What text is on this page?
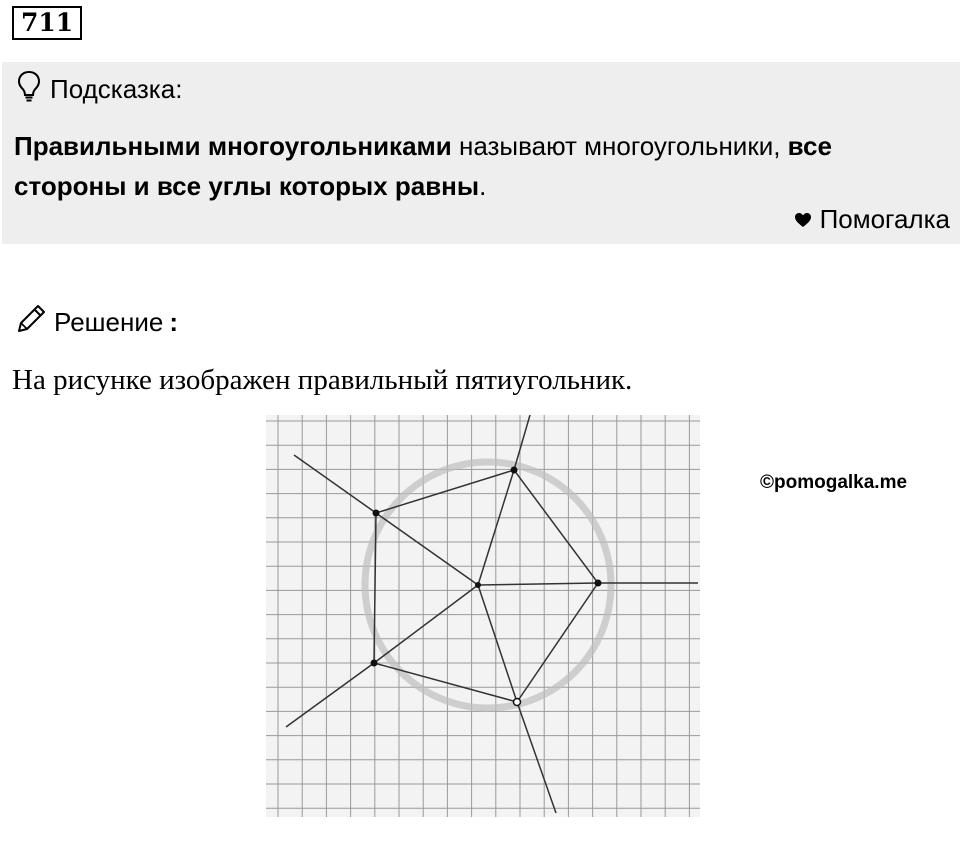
711
Подсказка:
Правильными многоугольниками называют многоугольники, все стороны и все углы которых равны.
Помогалка
Решение :
На рисунке изображен правильный пятиугольник.
©pomogalka.me
